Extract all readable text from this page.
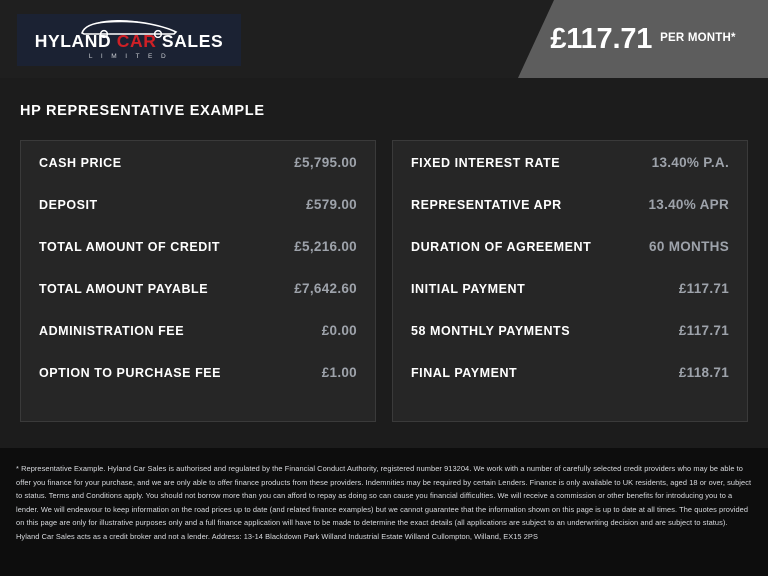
HYLAND CAR SALES
L I M I T E D
£117.71 PER MONTH*
HP REPRESENTATIVE EXAMPLE
CASH PRICE	£5,795.00
DEPOSIT	£579.00
TOTAL AMOUNT OF CREDIT	£5,216.00
TOTAL AMOUNT PAYABLE	£7,642.60
ADMINISTRATION FEE	£0.00
OPTION TO PURCHASE FEE	£1.00
FIXED INTEREST RATE	13.40% P.A.
REPRESENTATIVE APR	13.40% APR
DURATION OF AGREEMENT	60 MONTHS
INITIAL PAYMENT	£117.71
58 MONTHLY PAYMENTS	£117.71
FINAL PAYMENT	£118.71

* Representative Example. Hyland Car Sales is authorised and regulated by the Financial Conduct Authority, registered number 913204. We work with a number of carefully selected credit providers who may be able to offer you finance for your purchase, and we are only able to offer finance products from these providers. Indemnities may be required by certain Lenders. Finance is only available to UK residents, aged 18 or over, subject to status. Terms and Conditions apply. You should not borrow more than you can afford to repay as doing so can cause you financial difficulties. We will receive a commission or other benefits for introducing you to a lender. We will endeavour to keep information on the road prices up to date (and related finance examples) but we cannot guarantee that the information shown on this page is up to date at all times. The quotes provided on this page are only for illustrative purposes only and a full finance application will have to be made to determine the exact details (all applications are subject to an underwriting decision and are subject to status). Hyland Car Sales acts as a credit broker and not a lender. Address: 13-14 Blackdown Park Willand Industrial Estate Willand Cullompton, Willand, EX15 2PS
